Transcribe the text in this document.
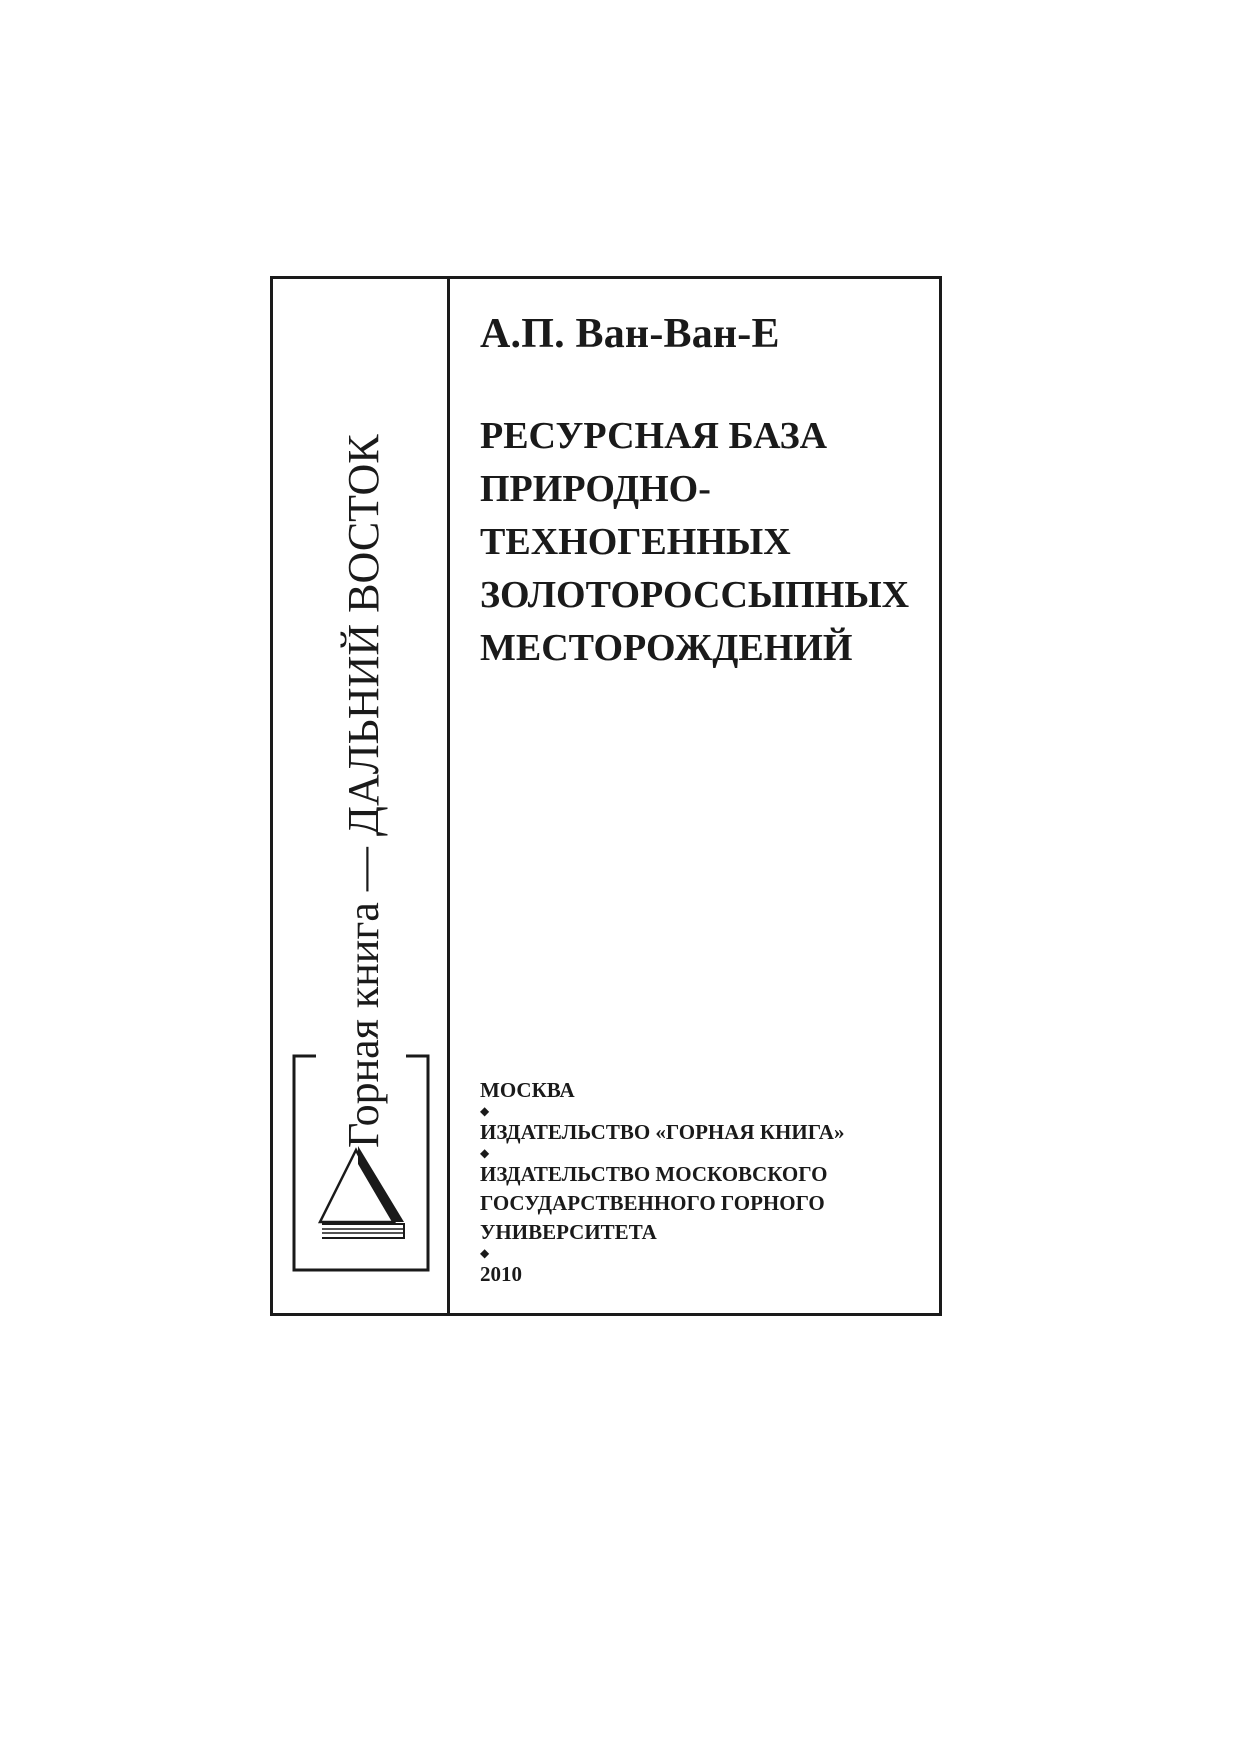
Горная книга — ДАЛЬНИЙ ВОСТОК
А.П. Ван-Ван-Е
РЕСУРСНАЯ БАЗА
ПРИРОДНО-
ТЕХНОГЕННЫХ
ЗОЛОТОРОССЫПНЫХ
МЕСТОРОЖДЕНИЙ
МОСКВА
◆
ИЗДАТЕЛЬСТВО «ГОРНАЯ КНИГА»
◆
ИЗДАТЕЛЬСТВО МОСКОВСКОГО
ГОСУДАРСТВЕННОГО ГОРНОГО
УНИВЕРСИТЕТА
◆
2010
